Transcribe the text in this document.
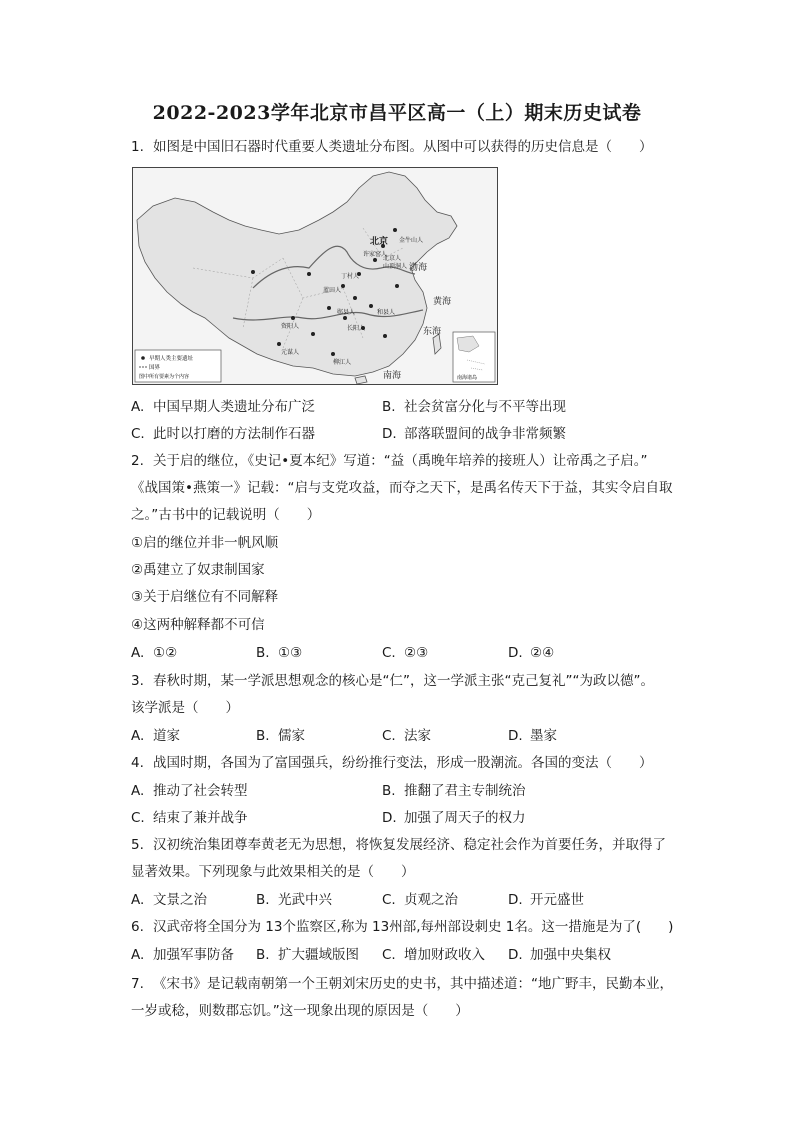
2022-2023学年北京市昌平区高一（上）期末历史试卷
1. 如图是中国旧石器时代重要人类遗址分布图。从图中可以获得的历史信息是（　　）
北京 金牛山人
北京人
山顶洞人
丁村人
许家窑人
蓝田人
和县人
郧县人
长阳人
柳江人
元谋人
资阳人
渤海
黄海
东海
南海
早期人类主要遗址
国界
图中所有要素为个内容	南海诸岛
A. 中国早期人类遗址分布广泛	B. 社会贫富分化与不平等出现
C. 此时以打磨的方法制作石器	D. 部落联盟间的战争非常频繁
2. 关于启的继位，《史记•夏本纪》写道：“益（禹晚年培养的接班人）让帝禹之子启。”
《战国策•燕策一》记载：“启与支党攻益，而夺之天下，是禹名传天下于益，其实令启自取
之。”古书中的记载说明（　　）
①启的继位并非一帆风顺
②禹建立了奴隶制国家
③关于启继位有不同解释
④这两种解释都不可信
A. ①②	B. ①③	C. ②③	D. ②④
3. 春秋时期，某一学派思想观念的核心是“仁”，这一学派主张“克己复礼”“为政以德”。
该学派是（　　）
A. 道家	B. 儒家	C. 法家	D. 墨家
4. 战国时期，各国为了富国强兵，纷纷推行变法，形成一股潮流。各国的变法（　　）
A. 推动了社会转型	B. 推翻了君主专制统治
C. 结束了兼并战争	D. 加强了周天子的权力
5. 汉初统治集团尊奉黄老无为思想，将恢复发展经济、稳定社会作为首要任务，并取得了
显著效果。下列现象与此效果相关的是（　　）
A. 文景之治	B. 光武中兴	C. 贞观之治	D. 开元盛世
6. 汉武帝将全国分为 13个监察区,称为 13州部,每州部设刺史 1名。这一措施是为了(　　)
A. 加强军事防备 B. 扩大疆域版图 C. 增加财政收入 D. 加强中央集权
7. 《宋书》是记载南朝第一个王朝刘宋历史的史书，其中描述道：“地广野丰，民勤本业，
一岁或稔，则数郡忘饥。”这一现象出现的原因是（　　）
